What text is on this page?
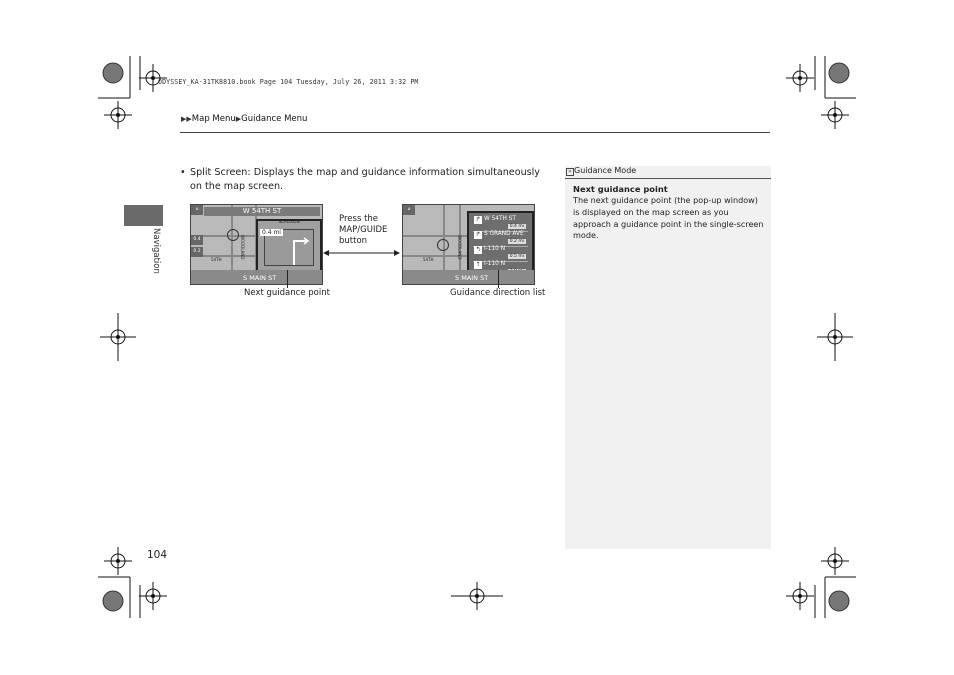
ODYSSEY_KA-31TK8810.book Page 104 Tuesday, July 26, 2011 3:32 PM
▶▶Map Menu▶Guidance Menu
Navigation
• Split Screen: Displays the map and guidance information simultaneously on the map screen.
⌂
0.4
0.2
W 54TH ST
WOODLAND
54TH
SLAUSON
0.4 mi
S MAIN ST
Press the MAP/GUIDE button
⌂
WOODLAND
54TH
↱ W 54TH ST
0.4 mi
↱ S GRAND AVE
0.2 mi
↰ I-110 N
0.5 mi
↑ I-110 N
S MAIN ST
Next guidance point	Guidance direction list
» Guidance Mode
Next guidance point
The next guidance point (the pop-up window) is displayed on the map screen as you approach a guidance point in the single-screen mode.
104
